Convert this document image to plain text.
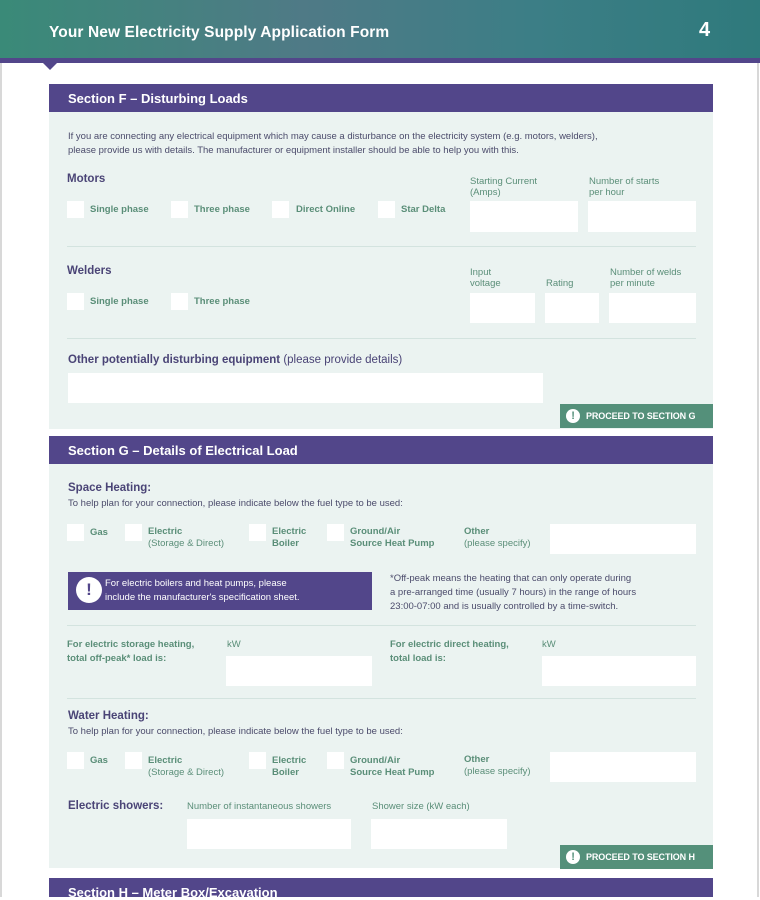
Your New Electricity Supply Application Form	4
Section F – Disturbing Loads
If you are connecting any electrical equipment which may cause a disturbance on the electricity system (e.g. motors, welders),
please provide us with details. The manufacturer or equipment installer should be able to help you with this.
Motors
Single phase	Three phase	Direct Online	Star Delta
Starting Current
(Amps)
Number of starts
per hour
Welders
Single phase	Three phase
Input
voltage	Rating
Number of welds
per minute
Other potentially disturbing equipment (please provide details)
!	PROCEED TO SECTION G
Section G – Details of Electrical Load
Space Heating:
To help plan for your connection, please indicate below the fuel type to be used:
Gas	Electric
(Storage & Direct)
Electric
Boiler
Ground/Air
Source Heat Pump
Other
(please specify)
!	For electric boilers and heat pumps, please
include the manufacturer's specification sheet.
*Off-peak means the heating that can only operate during
a pre-arranged time (usually 7 hours) in the range of hours
23:00-07:00 and is usually controlled by a time-switch.
For electric storage heating,
total off-peak* load is:
kW	For electric direct heating,
total load is:
kW
Water Heating:
To help plan for your connection, please indicate below the fuel type to be used:
Gas	Electric
(Storage & Direct)
Electric
Boiler
Ground/Air
Source Heat Pump
Other
(please specify)
Electric showers:	Number of instantaneous showers	Shower size (kW each)
!	PROCEED TO SECTION H
Section H – Meter Box/Excavation
